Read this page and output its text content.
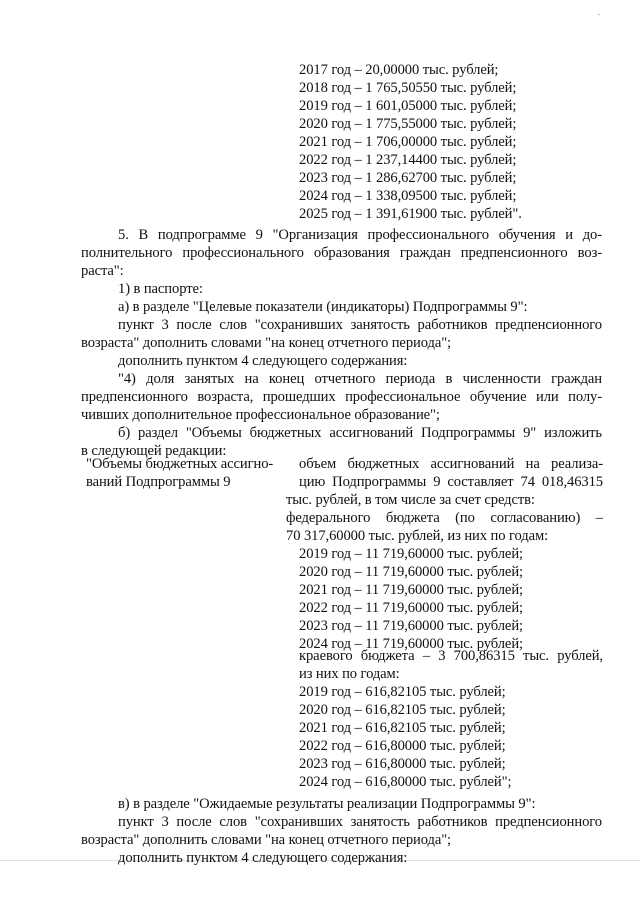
2017 год – 20,00000 тыс. рублей;
2018 год – 1 765,50550 тыс. рублей;
2019 год – 1 601,05000 тыс. рублей;
2020 год – 1 775,55000 тыс. рублей;
2021 год – 1 706,00000 тыс. рублей;
2022 год – 1 237,14400 тыс. рублей;
2023 год – 1 286,62700 тыс. рублей;
2024 год – 1 338,09500 тыс. рублей;
2025 год – 1 391,61900 тыс. рублей".
5. В подпрограмме 9 "Организация профессионального обучения и до-
полнительного профессионального образования граждан предпенсионного воз-
раста":
1) в паспорте:
а) в разделе "Целевые показатели (индикаторы) Подпрограммы 9":
пункт 3 после слов "сохранивших занятость работников предпенсионного
возраста" дополнить словами "на конец отчетного периода";
дополнить пунктом 4 следующего содержания:
"4) доля занятых на конец отчетного периода в численности граждан
предпенсионного возраста, прошедших профессиональное обучение или полу-
чивших дополнительное профессиональное образование";
б) раздел "Объемы бюджетных ассигнований Подпрограммы 9" изложить
в следующей редакции:
"Объемы бюджетных ассигно-
ваний Подпрограммы 9
объем бюджетных ассигнований на реализа-
цию Подпрограммы 9 составляет 74 018,46315
тыс. рублей, в том числе за счет средств:
федерального бюджета (по согласованию) –
70 317,60000 тыс. рублей, из них по годам:
2019 год – 11 719,60000 тыс. рублей;
2020 год – 11 719,60000 тыс. рублей;
2021 год – 11 719,60000 тыс. рублей;
2022 год – 11 719,60000 тыс. рублей;
2023 год – 11 719,60000 тыс. рублей;
2024 год – 11 719,60000 тыс. рублей;
краевого бюджета – 3 700,86315 тыс. рублей,
из них по годам:
2019 год – 616,82105 тыс. рублей;
2020 год – 616,82105 тыс. рублей;
2021 год – 616,82105 тыс. рублей;
2022 год – 616,80000 тыс. рублей;
2023 год – 616,80000 тыс. рублей;
2024 год – 616,80000 тыс. рублей";
в) в разделе "Ожидаемые результаты реализации Подпрограммы 9":
пункт 3 после слов "сохранивших занятость работников предпенсионного
возраста" дополнить словами "на конец отчетного периода";
дополнить пунктом 4 следующего содержания:
